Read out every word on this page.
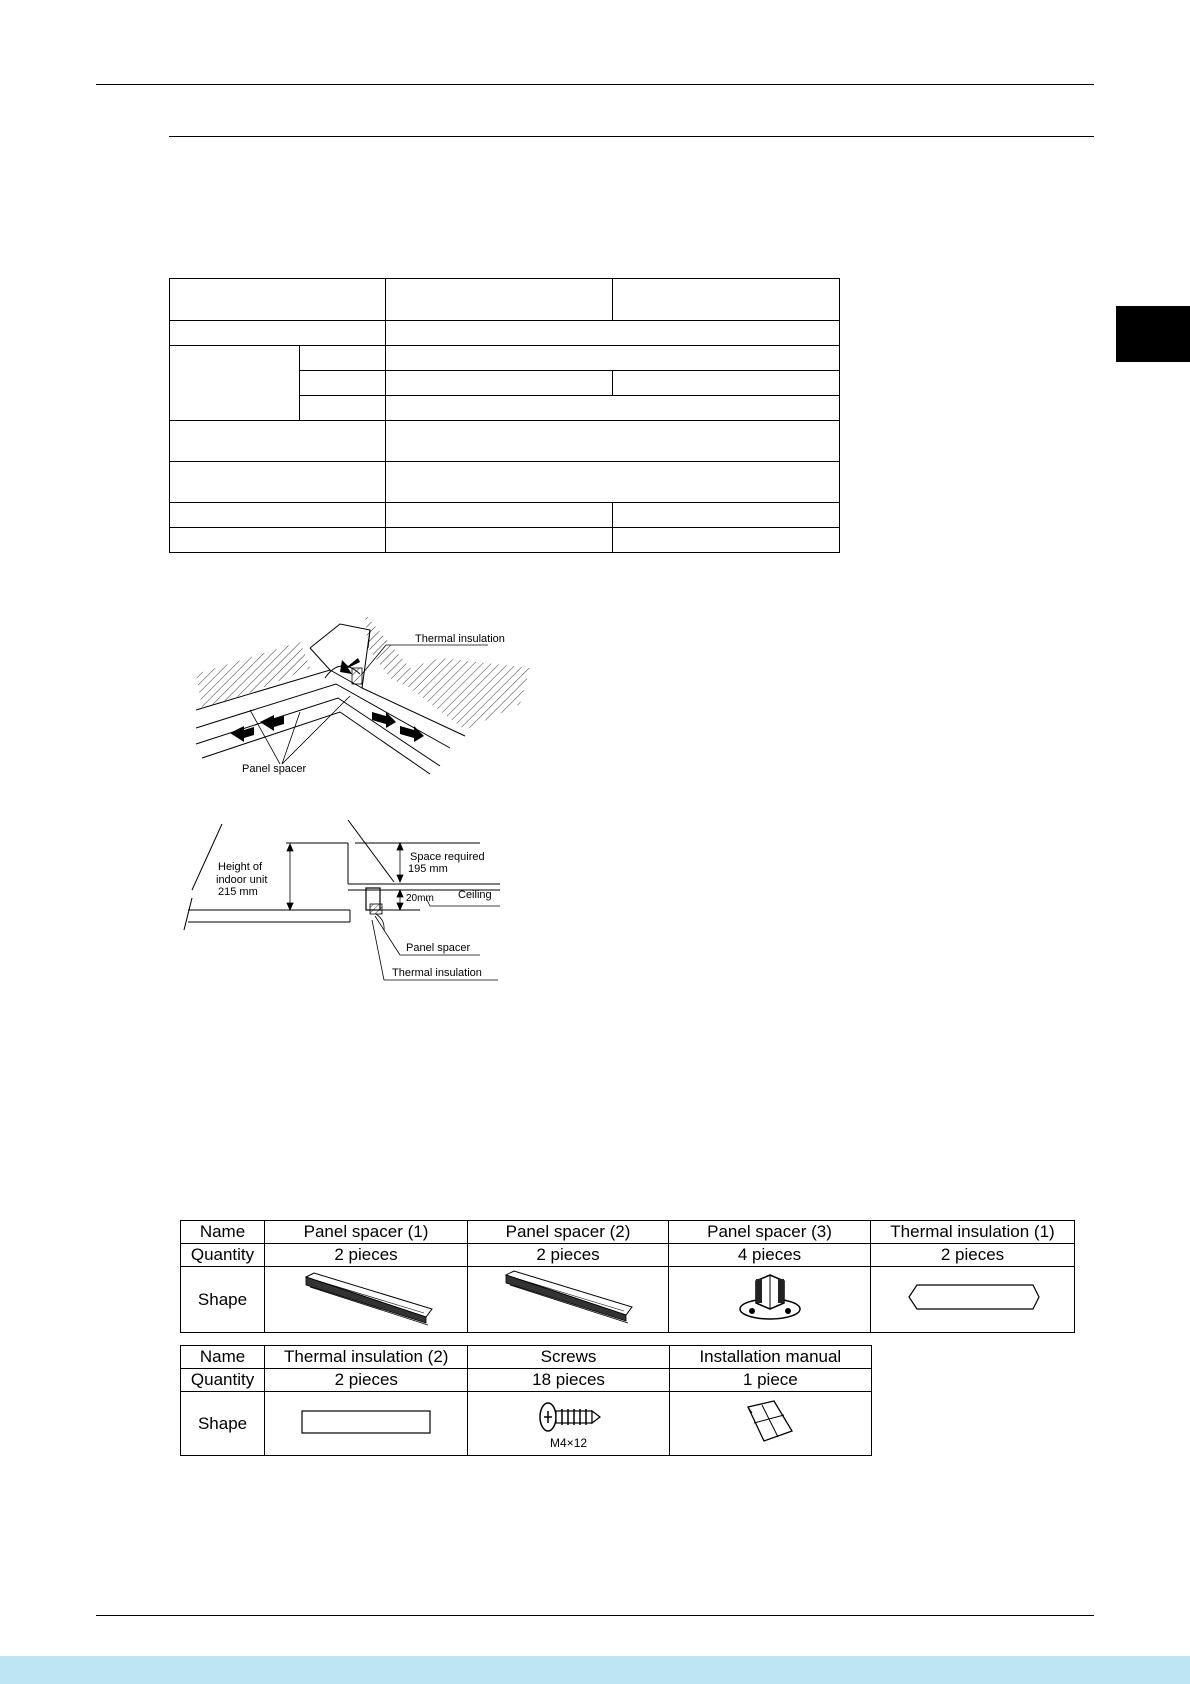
Thermal insulation
Panel spacer
Height of
indoor unit
215 mm
Space required
195 mm
20mm Ceiling
Panel spacer
Thermal insulation
Name	Panel spacer (1)	Panel spacer (2)	Panel spacer (3)	Thermal insulation (1)
Quantity	2 pieces	2 pieces	4 pieces	2 pieces
Shape				
Name	Thermal insulation (2)	Screws	Installation manual
Quantity	2 pieces	18 pieces	1 piece
Shape		M4×12
